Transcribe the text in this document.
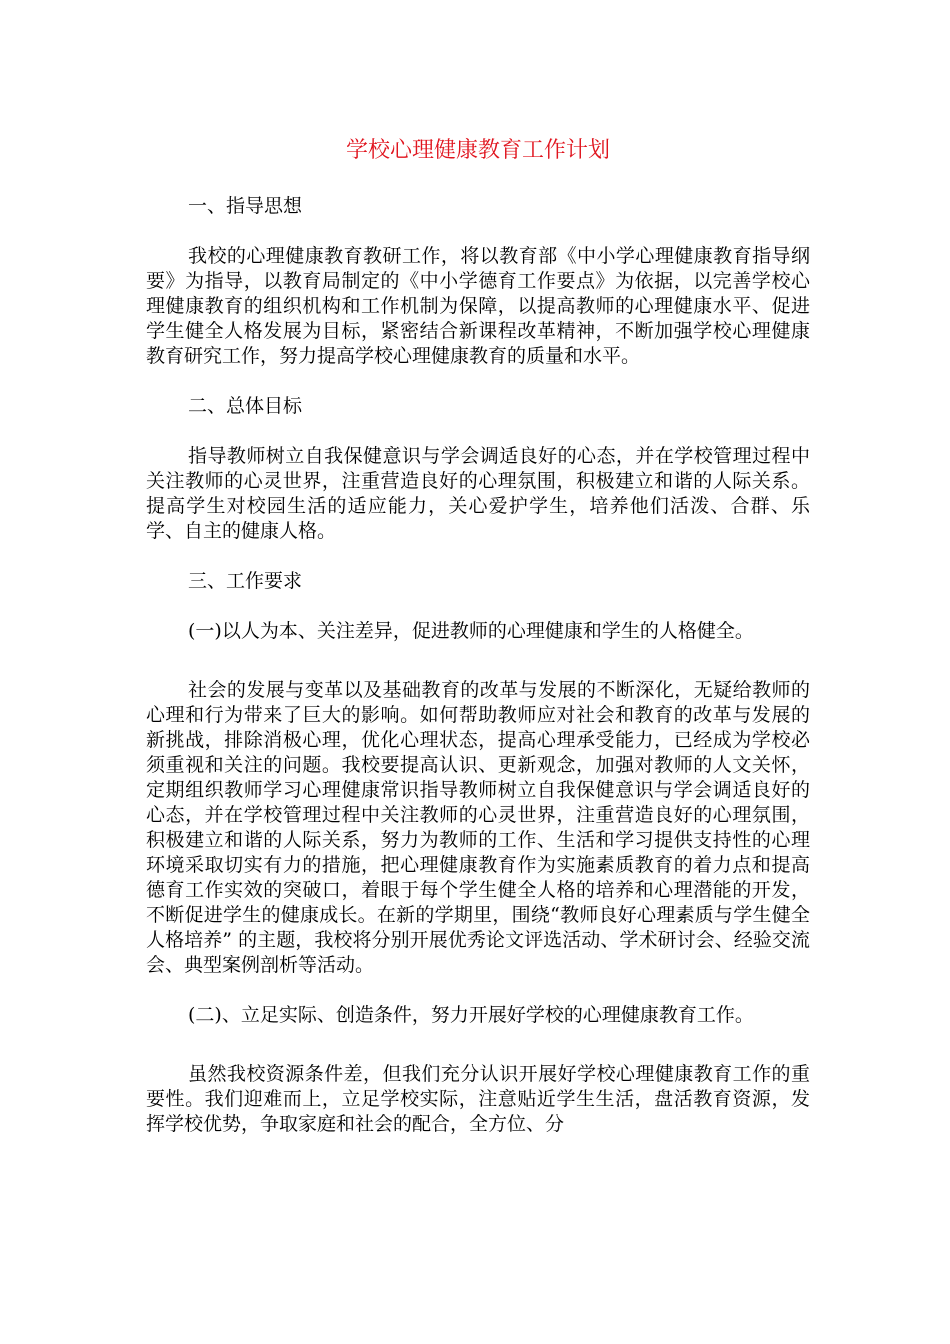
学校心理健康教育工作计划

一、指导思想

我校的心理健康教育教研工作，将以教育部《中小学心理健康教育指导纲要》为指导，以教育局制定的《中小学德育工作要点》为依据，以完善学校心理健康教育的组织机构和工作机制为保障，以提高教师的心理健康水平、促进学生健全人格发展为目标，紧密结合新课程改革精神，不断加强学校心理健康教育研究工作，努力提高学校心理健康教育的质量和水平。

二、总体目标

指导教师树立自我保健意识与学会调适良好的心态，并在学校管理过程中关注教师的心灵世界，注重营造良好的心理氛围，积极建立和谐的人际关系。提高学生对校园生活的适应能力，关心爱护学生，培养他们活泼、合群、乐学、自主的健康人格。

三、工作要求

(一)以人为本、关注差异，促进教师的心理健康和学生的人格健全。

社会的发展与变革以及基础教育的改革与发展的不断深化，无疑给教师的心理和行为带来了巨大的影响。如何帮助教师应对社会和教育的改革与发展的新挑战，排除消极心理，优化心理状态，提高心理承受能力，已经成为学校必须重视和关注的问题。我校要提高认识、更新观念，加强对教师的人文关怀，定期组织教师学习心理健康常识指导教师树立自我保健意识与学会调适良好的心态，并在学校管理过程中关注教师的心灵世界，注重营造良好的心理氛围，积极建立和谐的人际关系，努力为教师的工作、生活和学习提供支持性的心理环境采取切实有力的措施，把心理健康教育作为实施素质教育的着力点和提高德育工作实效的突破口，着眼于每个学生健全人格的培养和心理潜能的开发，不断促进学生的健康成长。在新的学期里，围绕“教师良好心理素质与学生健全人格培养” 的主题，我校将分别开展优秀论文评选活动、学术研讨会、经验交流会、典型案例剖析等活动。

(二)、立足实际、创造条件，努力开展好学校的心理健康教育工作。

虽然我校资源条件差，但我们充分认识开展好学校心理健康教育工作的重要性。我们迎难而上，立足学校实际，注意贴近学生生活，盘活教育资源，发挥学校优势，争取家庭和社会的配合，全方位、分
